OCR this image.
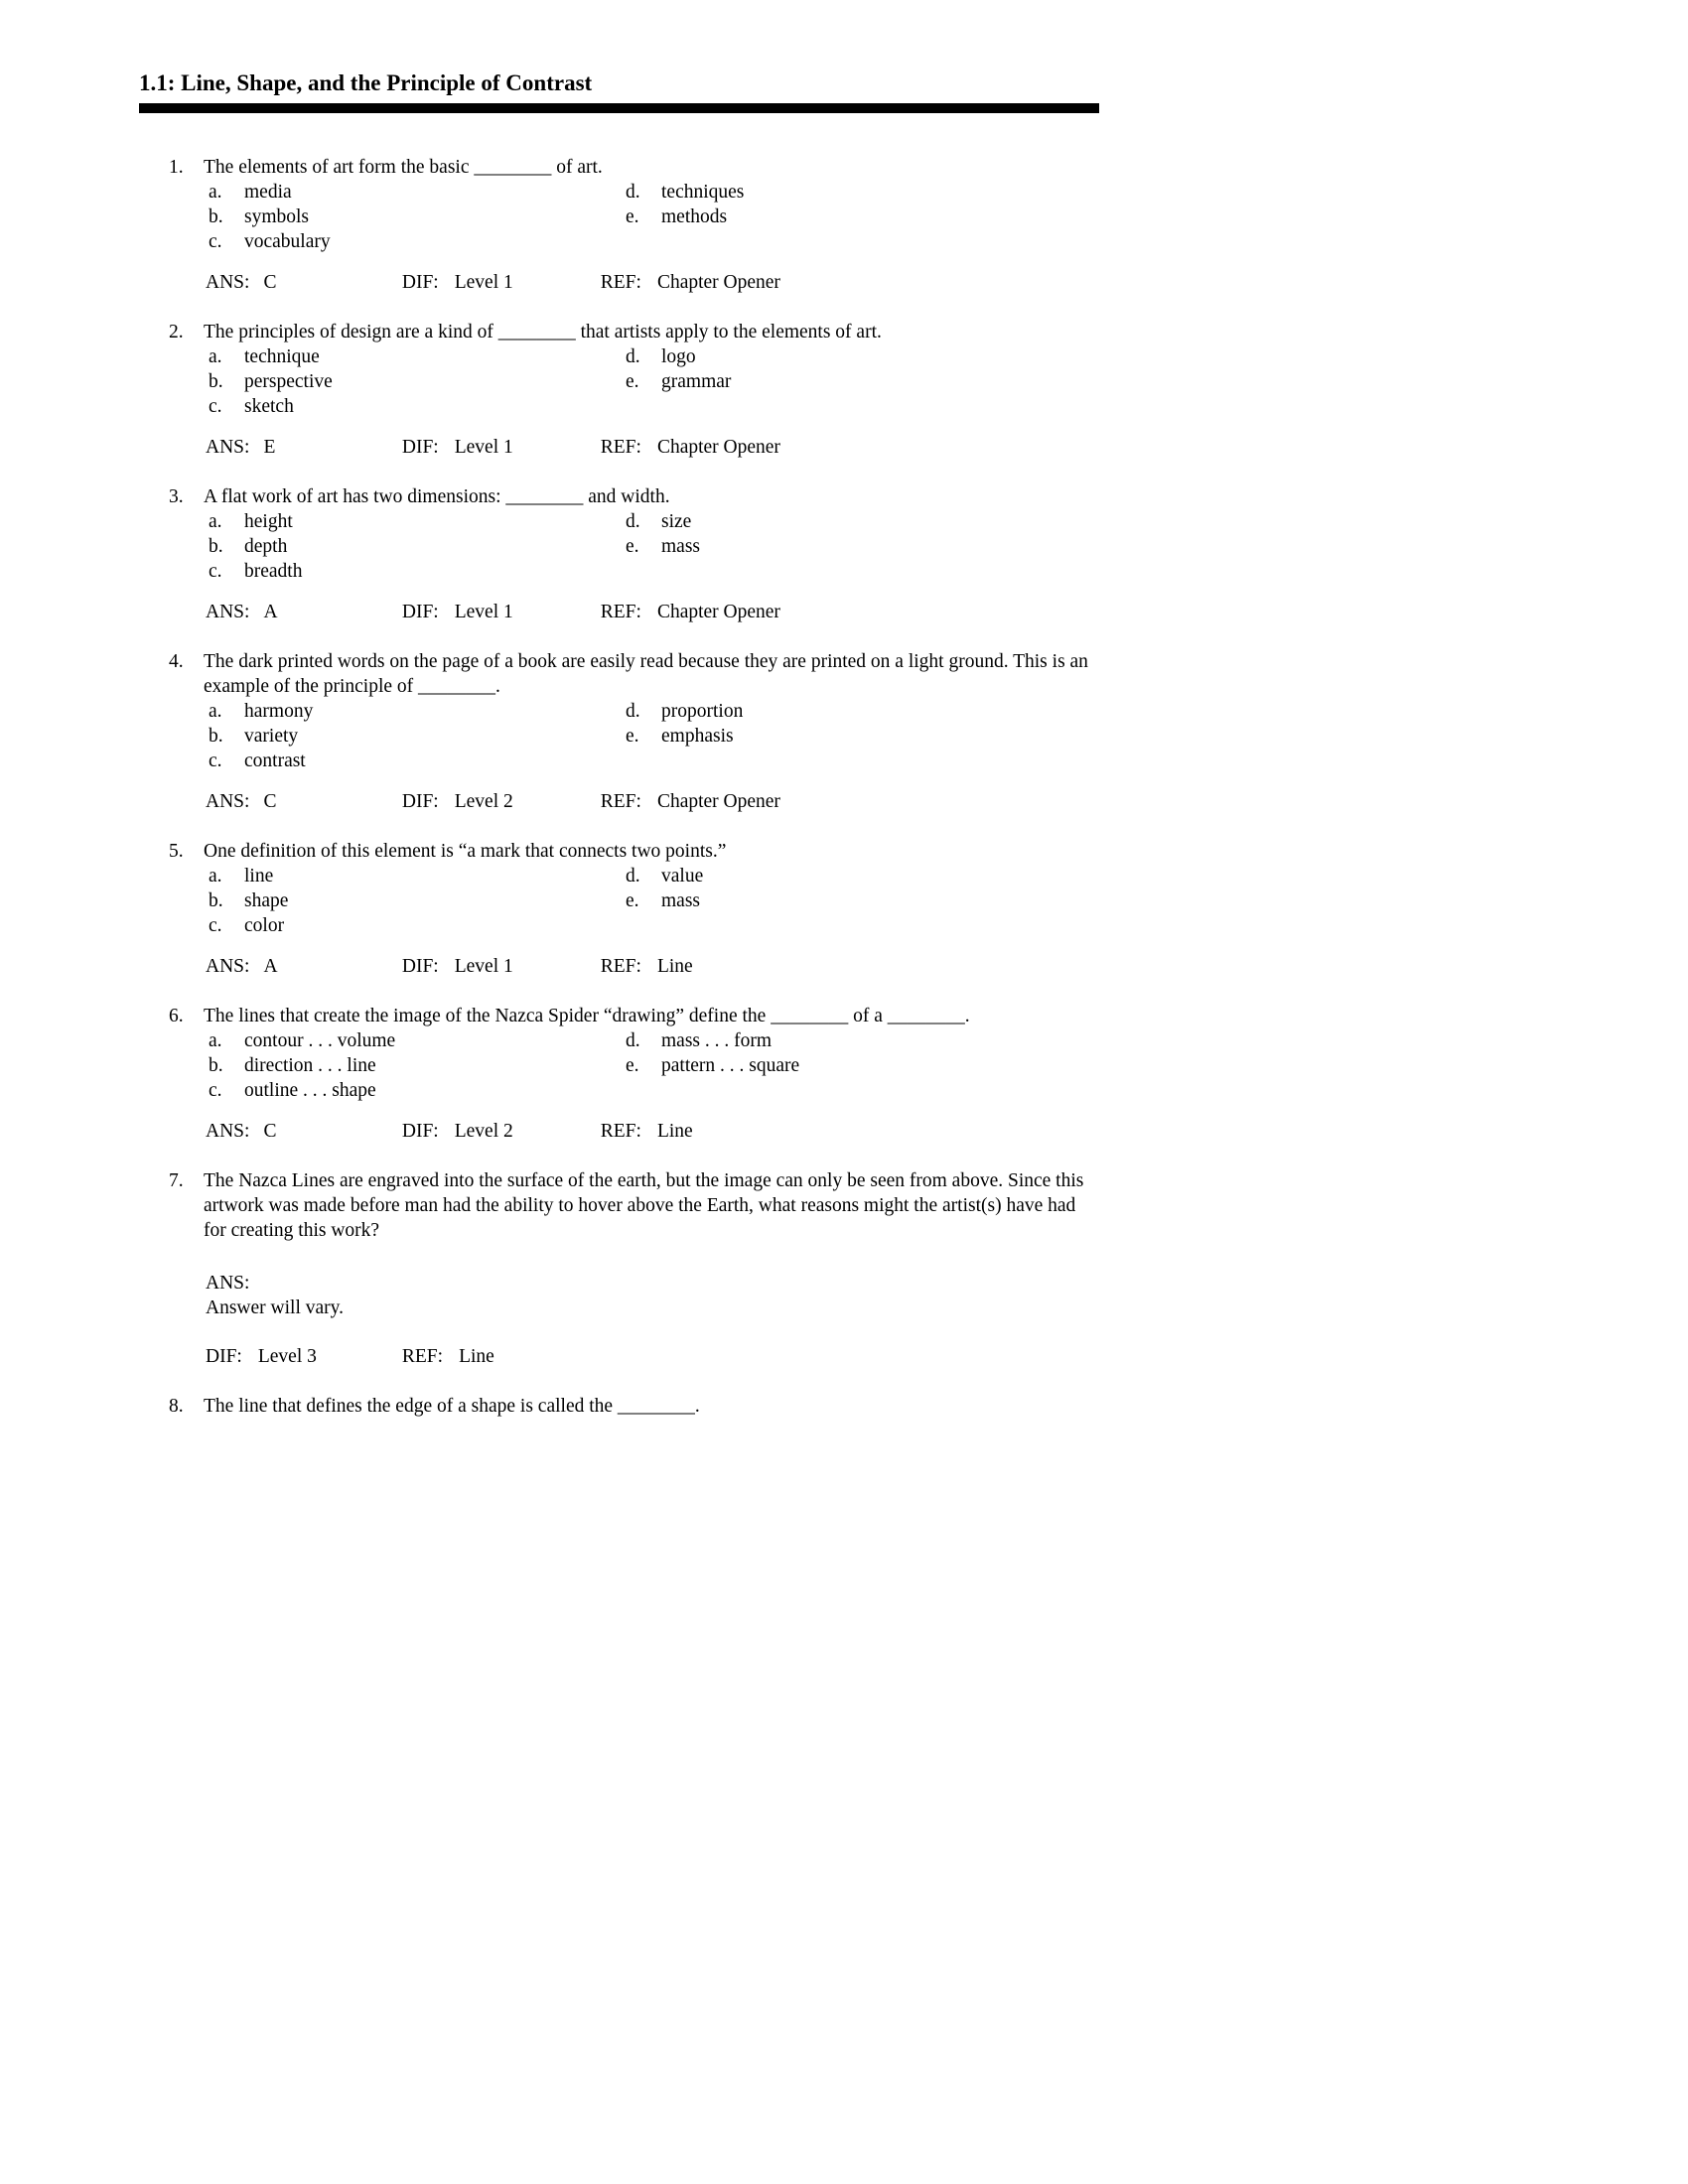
1.1: Line, Shape, and the Principle of Contrast
1.	The elements of art form the basic ________ of art.
a.	media
b.	symbols
c.	vocabulary
d.	techniques
e.	methods
ANS: C	DIF: Level 1	REF: Chapter Opener
2.	The principles of design are a kind of ________ that artists apply to the elements of art.
a.	technique
b.	perspective
c.	sketch
d.	logo
e.	grammar
ANS: E	DIF: Level 1	REF: Chapter Opener
3.	A flat work of art has two dimensions: ________ and width.
a.	height
b.	depth
c.	breadth
d.	size
e.	mass
ANS: A	DIF: Level 1	REF: Chapter Opener
4.	The dark printed words on the page of a book are easily read because they are printed on a light ground. This is an example of the principle of ________.
a.	harmony
b.	variety
c.	contrast
d.	proportion
e.	emphasis
ANS: C	DIF: Level 2	REF: Chapter Opener
5.	One definition of this element is “a mark that connects two points.”
a.	line
b.	shape
c.	color
d.	value
e.	mass
ANS: A	DIF: Level 1	REF: Line
6.	The lines that create the image of the Nazca Spider “drawing” define the ________ of a ________.
a.	contour . . . volume
b.	direction . . . line
c.	outline . . . shape
d.	mass . . . form
e.	pattern . . . square
ANS: C	DIF: Level 2	REF: Line
7.	The Nazca Lines are engraved into the surface of the earth, but the image can only be seen from above. Since this artwork was made before man had the ability to hover above the Earth, what reasons might the artist(s) have had for creating this work?
ANS:
Answer will vary.
DIF: Level 3	REF: Line
8.	The line that defines the edge of a shape is called the ________.
